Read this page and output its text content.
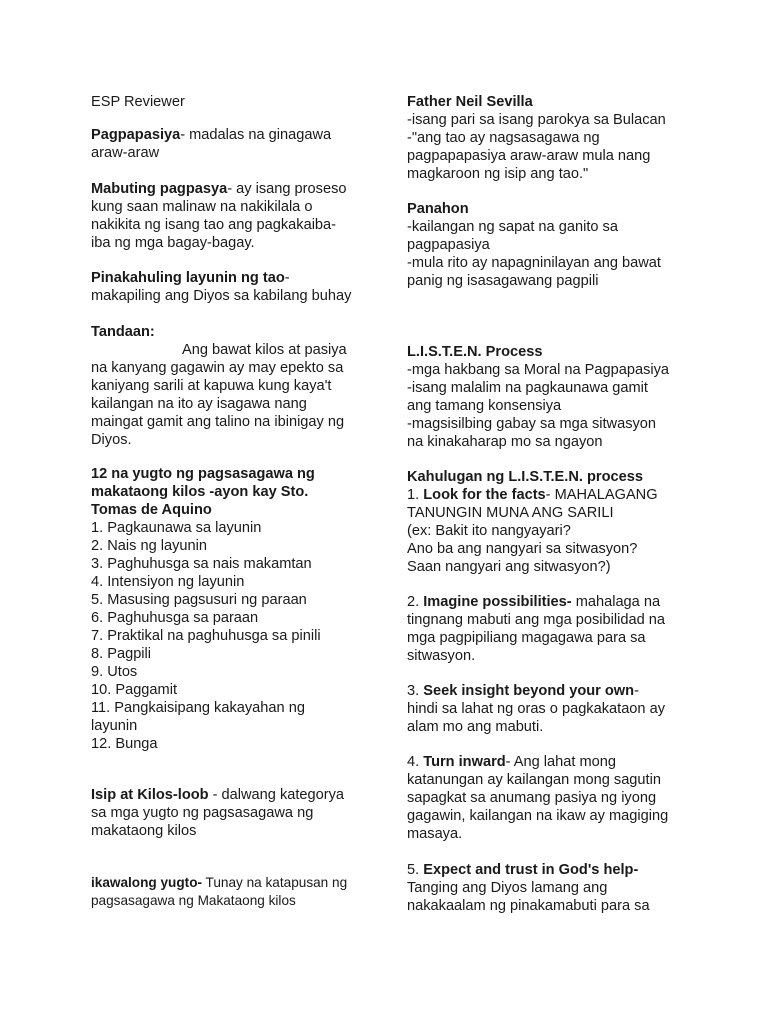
ESP Reviewer
Pagpapasiya- madalas na ginagawa
araw-araw
Mabuting pagpasya- ay isang proseso
kung saan malinaw na nakikilala o
nakikita ng isang tao ang pagkakaiba-
iba ng mga bagay-bagay.
Pinakahuling layunin ng tao-
makapiling ang Diyos sa kabilang buhay
Tandaan:
Ang bawat kilos at pasiya
na kanyang gagawin ay may epekto sa
kaniyang sarili at kapuwa kung kaya't
kailangan na ito ay isagawa nang
maingat gamit ang talino na ibinigay ng
Diyos.
12 na yugto ng pagsasagawa ng
makataong kilos -ayon kay Sto.
Tomas de Aquino
1. Pagkaunawa sa layunin
2. Nais ng layunin
3. Paghuhusga sa nais makamtan
4. Intensiyon ng layunin
5. Masusing pagsusuri ng paraan
6. Paghuhusga sa paraan
7. Praktikal na paghuhusga sa pinili
8. Pagpili
9. Utos
10. Paggamit
11. Pangkaisipang kakayahan ng
layunin
12. Bunga
Isip at Kilos-loob - dalwang kategorya
sa mga yugto ng pagsasagawa ng
makataong kilos
ikawalong yugto- Tunay na katapusan ng
pagsasagawa ng Makataong kilos
Father Neil Sevilla
-isang pari sa isang parokya sa Bulacan
-"ang tao ay nagsasagawa ng
pagpapapasiya araw-araw mula nang
magkaroon ng isip ang tao."
Panahon
-kailangan ng sapat na ganito sa
pagpapasiya
-mula rito ay napagninilayan ang bawat
panig ng isasagawang pagpili
L.I.S.T.E.N. Process
-mga hakbang sa Moral na Pagpapasiya
-isang malalim na pagkaunawa gamit
ang tamang konsensiya
-magsisilbing gabay sa mga sitwasyon
na kinakaharap mo sa ngayon
Kahulugan ng L.I.S.T.E.N. process
1. Look for the facts- MAHALAGANG
TANUNGIN MUNA ANG SARILI
(ex: Bakit ito nangyayari?
Ano ba ang nangyari sa sitwasyon?
Saan nangyari ang sitwasyon?)
2. Imagine possibilities- mahalaga na
tingnang mabuti ang mga posibilidad na
mga pagpipiliang magagawa para sa
sitwasyon.
3. Seek insight beyond your own-
hindi sa lahat ng oras o pagkakataon ay
alam mo ang mabuti.
4. Turn inward- Ang lahat mong
katanungan ay kailangan mong sagutin
sapagkat sa anumang pasiya ng iyong
gagawin, kailangan na ikaw ay magiging
masaya.
5. Expect and trust in God's help-
Tanging ang Diyos lamang ang
nakakaalam ng pinakamabuti para sa
